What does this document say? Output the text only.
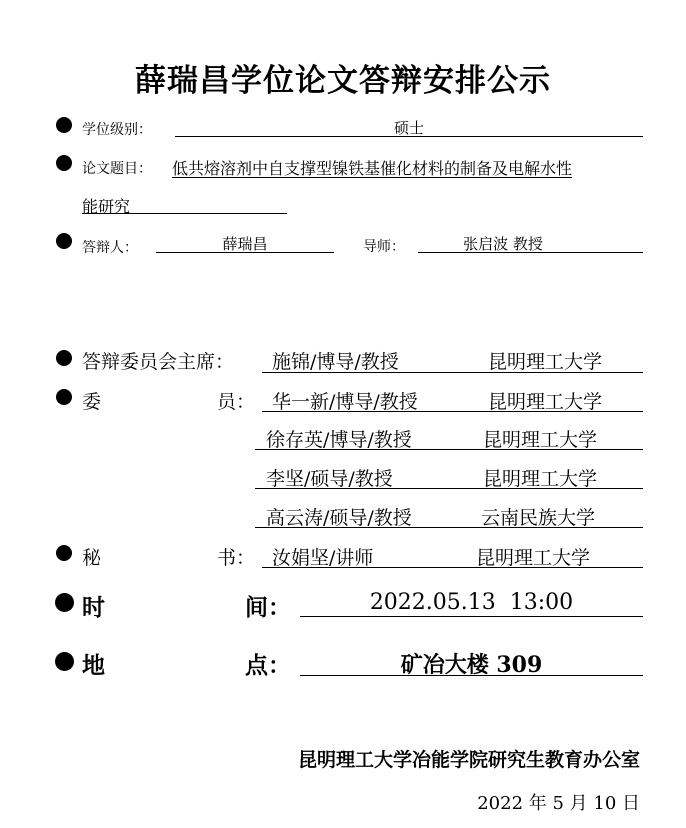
薛瑞昌学位论文答辩安排公示
学位级别：	硕士
论文题目： 低共熔溶剂中自支撑型镍铁基催化材料的制备及电解水性
能研究
答辩人：	薛瑞昌	导师：	张启波 教授
答辩委员会主席： 施锦/博导/教授	昆明理工大学
委	员： 华一新/博导/教授	昆明理工大学
徐存英/博导/教授	昆明理工大学
李坚/硕导/教授	昆明理工大学
高云涛/硕导/教授	云南民族大学
秘	书： 汝娟坚/讲师	昆明理工大学
时	间：	2022.05.13  13:00
地	点：	矿冶大楼 309
昆明理工大学冶能学院研究生教育办公室
2022 年 5 月 10 日
